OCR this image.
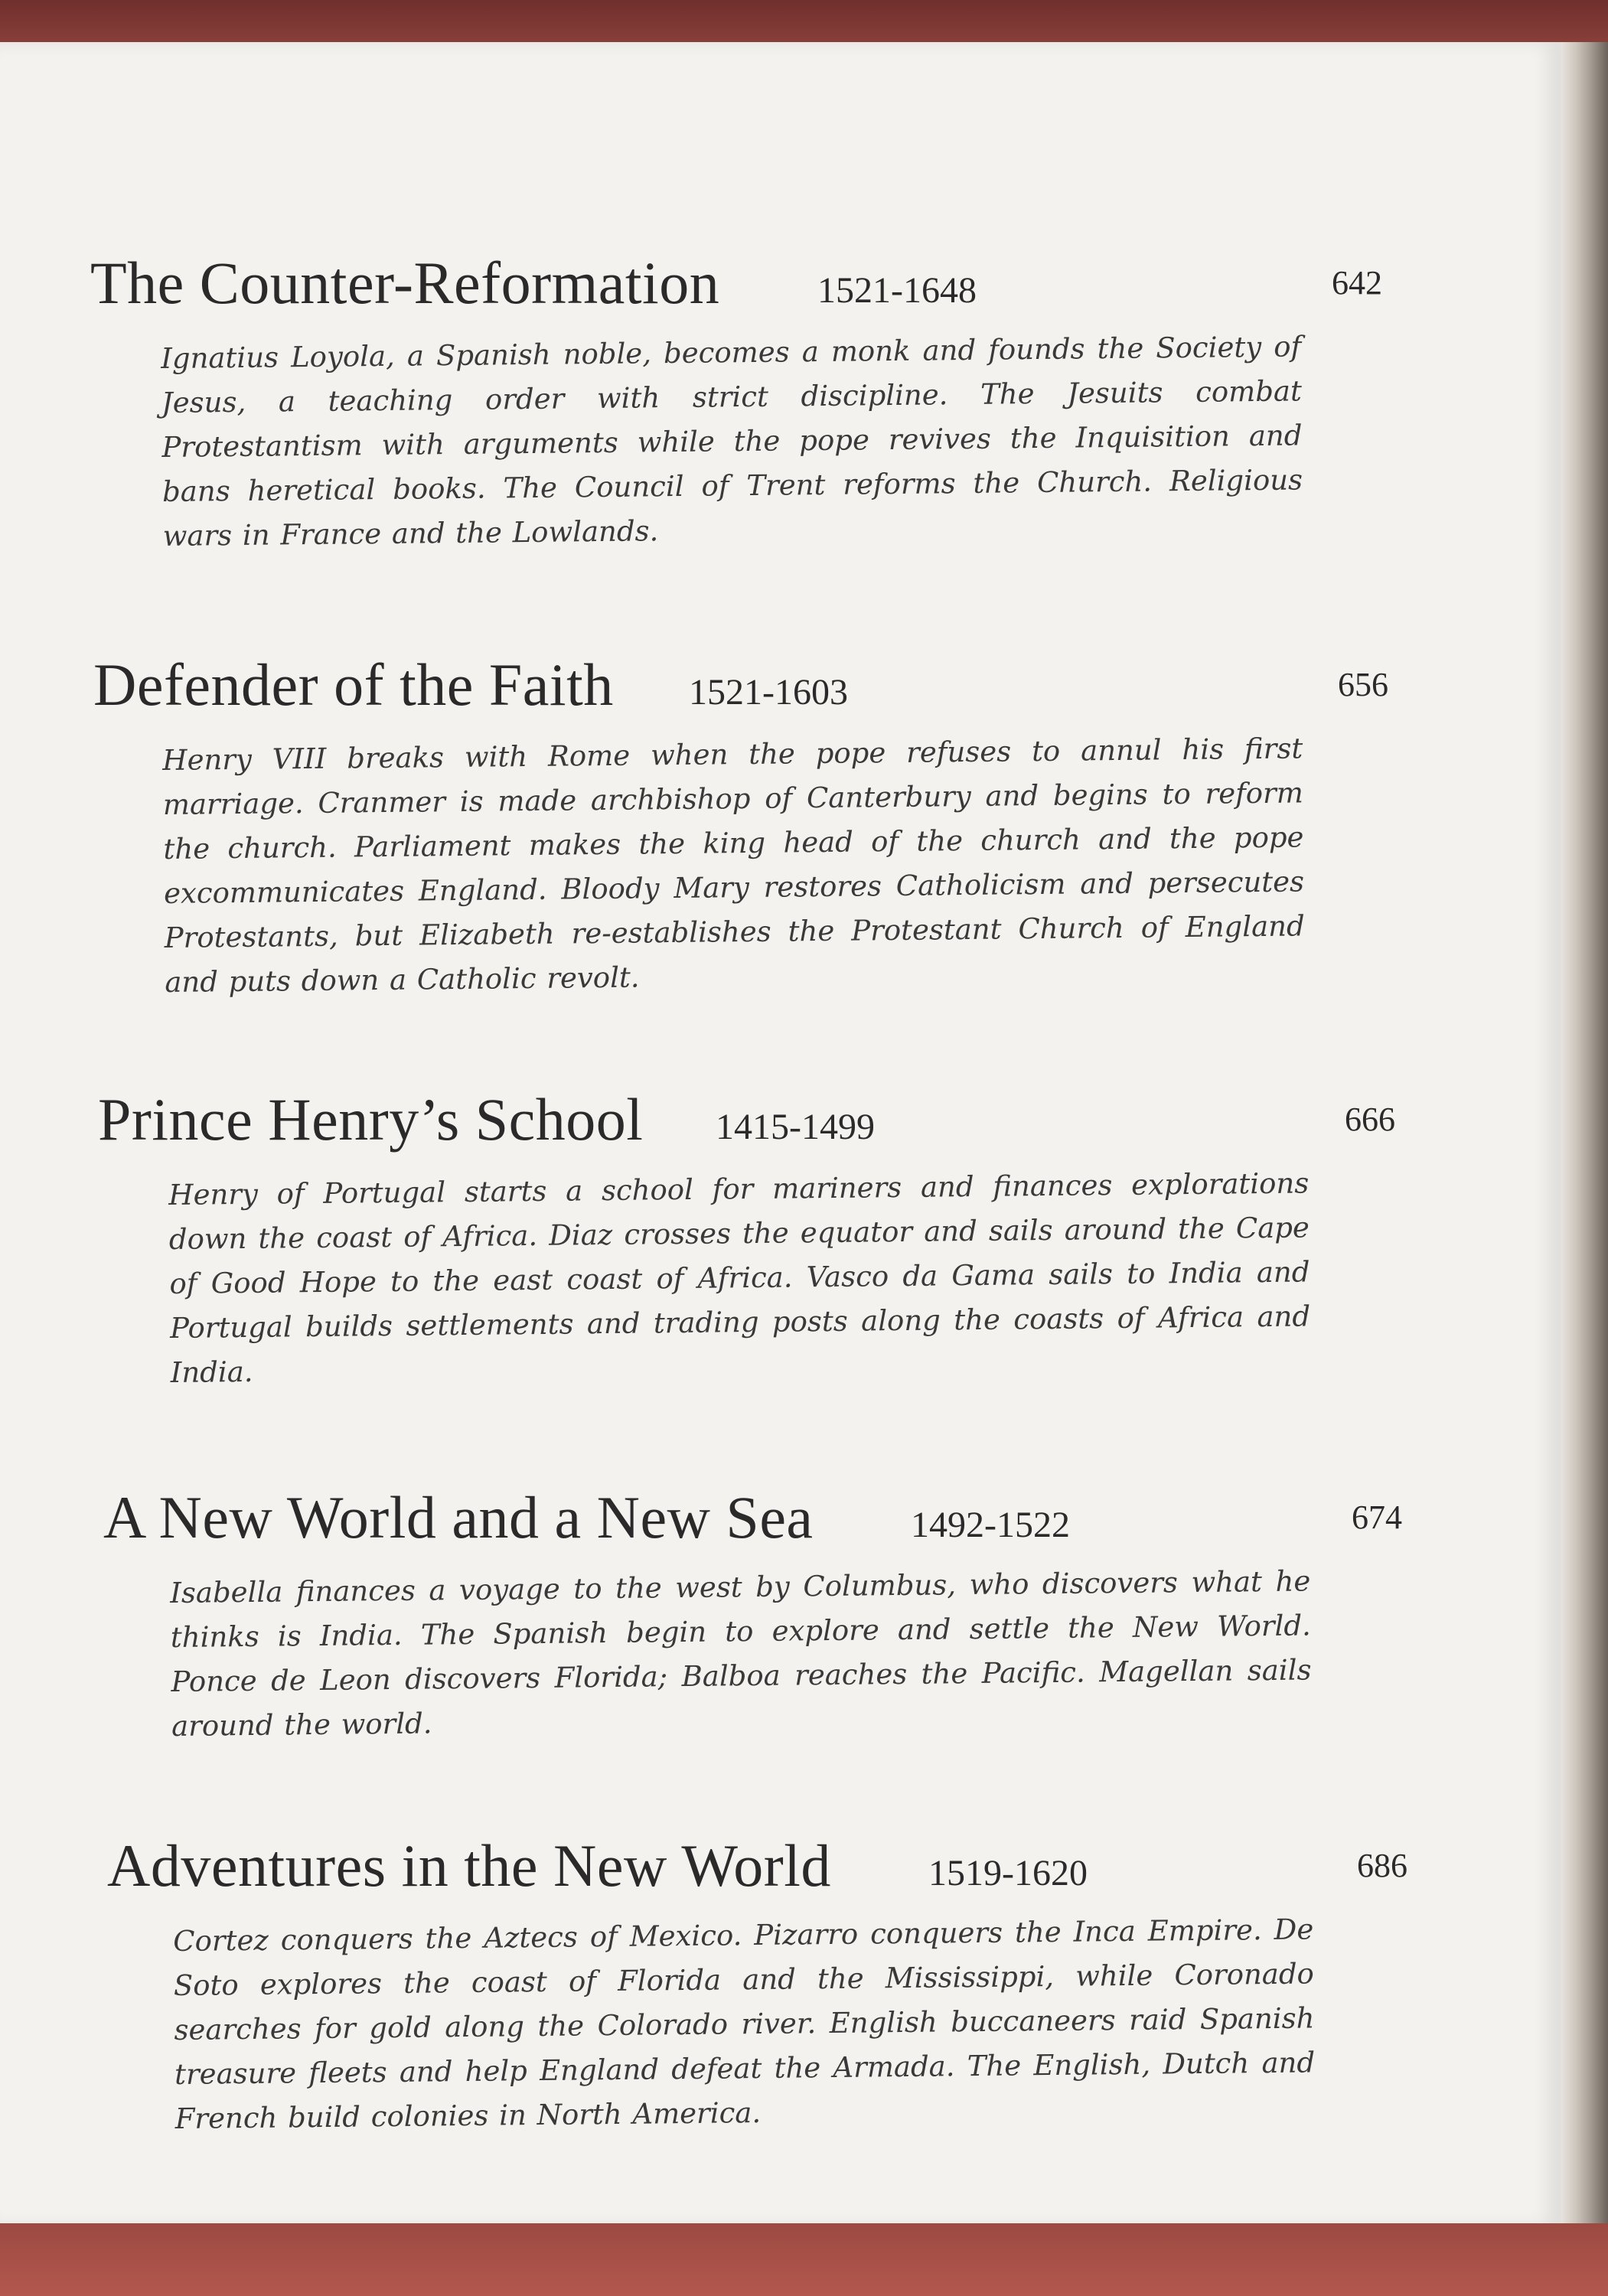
The Counter-Reformation	1521-1648	642
Ignatius Loyola, a Spanish noble, becomes a monk and founds the Society of Jesus, a teaching order with strict discipline. The Jesuits combat Protestantism with arguments while the pope revives the Inquisition and bans heretical books. The Council of Trent reforms the Church. Religious wars in France and the Lowlands.
Defender of the Faith 1521-1603	656
Henry VIII breaks with Rome when the pope refuses to annul his first marriage. Cranmer is made archbishop of Canterbury and begins to reform the church. Parliament makes the king head of the church and the pope excommunicates England. Bloody Mary restores Catholicism and persecutes Protestants, but Elizabeth re-establishes the Protestant Church of England and puts down a Catholic revolt.
Prince Henry’s School 1415-1499	666
Henry of Portugal starts a school for mariners and finances explorations down the coast of Africa. Diaz crosses the equator and sails around the Cape of Good Hope to the east coast of Africa. Vasco da Gama sails to India and Portugal builds settlements and trading posts along the coasts of Africa and India.
A New World and a New Sea	1492-1522	674
Isabella finances a voyage to the west by Columbus, who discovers what he thinks is India. The Spanish begin to explore and settle the New World. Ponce de Leon discovers Florida; Balboa reaches the Pacific. Magellan sails around the world.
Adventures in the New World	1519-1620	686
Cortez conquers the Aztecs of Mexico. Pizarro conquers the Inca Empire. De Soto explores the coast of Florida and the Mississippi, while Coronado searches for gold along the Colorado river. English buccaneers raid Spanish treasure fleets and help England defeat the Armada. The English, Dutch and French build colonies in North America.
